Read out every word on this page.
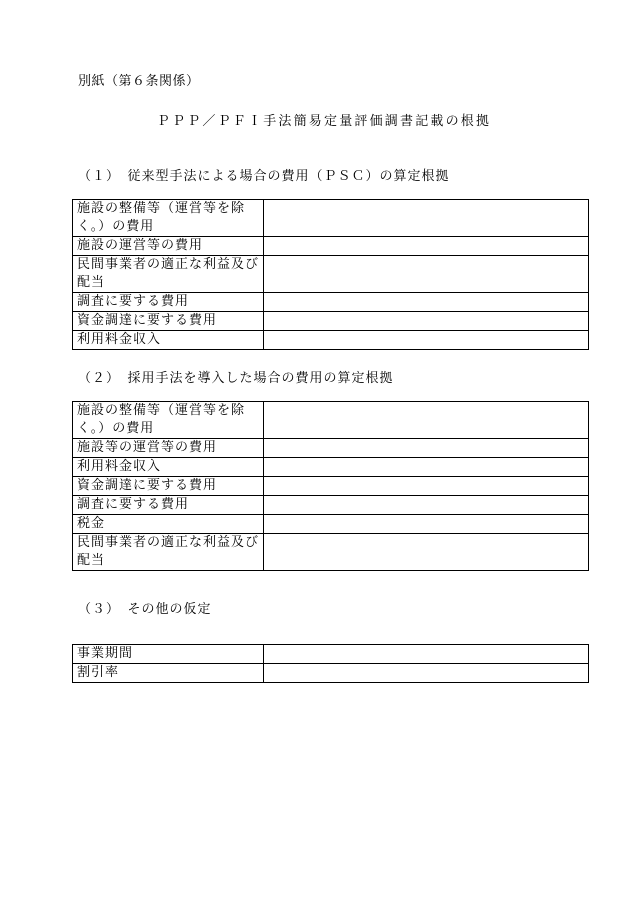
別紙（第６条関係）
ＰＰＰ／ＰＦＩ手法簡易定量評価調書記載の根拠
（１）　従来型手法による場合の費用（ＰＳＣ）の算定根拠
施設の整備等（運営等を除く。）の費用	
施設の運営等の費用	
民間事業者の適正な利益及び配当	
調査に要する費用	
資金調達に要する費用	
利用料金収入	
（２）　採用手法を導入した場合の費用の算定根拠
施設の整備等（運営等を除く。）の費用	
施設等の運営等の費用	
利用料金収入	
資金調達に要する費用	
調査に要する費用	
税金	
民間事業者の適正な利益及び配当	
（３）　その他の仮定
事業期間	
割引率	
